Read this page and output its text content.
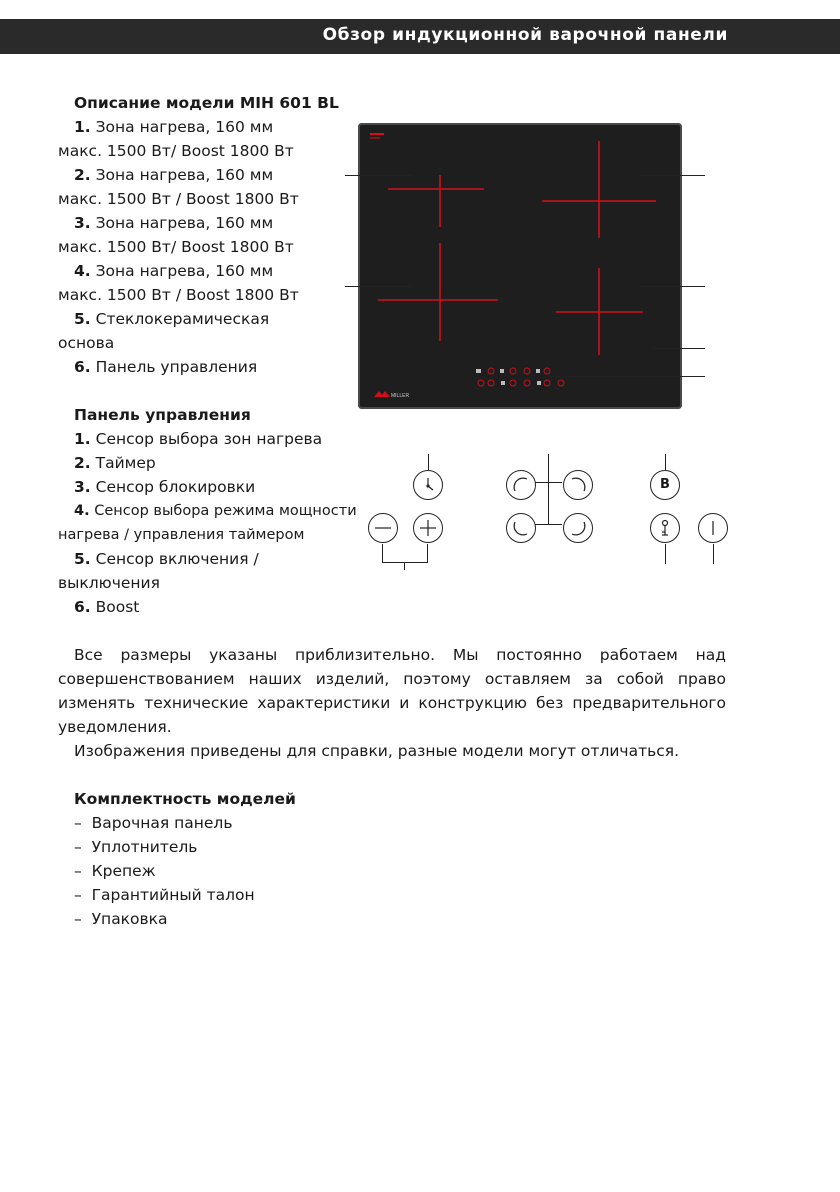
Обзор индукционной варочной панели
Описание модели MIH 601 BL
1. Зона нагрева, 160 мм
макс. 1500 Вт/ Boost 1800 Вт
2. Зона нагрева, 160 мм
макс. 1500 Вт / Boost 1800 Вт
3. Зона нагрева, 160 мм
макс. 1500 Вт/ Boost 1800 Вт
4. Зона нагрева, 160 мм
макс. 1500 Вт / Boost 1800 Вт
5. Стеклокерамическая
основа
6. Панель управления
Панель управления
1. Сенсор выбора зон нагрева
2. Таймер
3. Сенсор блокировки
4. Сенсор выбора режима мощности
нагрева / управления таймером
5. Сенсор включения /
выключения
6. Boost
Все размеры указаны приблизительно. Мы постоянно работаем над совершенствованием наших изделий, поэтому оставляем за собой право изменять технические характеристики и конструкцию без предварительного уведомления.
Изображения приведены для справки, разные модели могут отличаться.
Комплектность моделей
– Варочная панель
– Уплотнитель
– Крепеж
– Гарантийный талон
– Упаковка
MILLER
B
